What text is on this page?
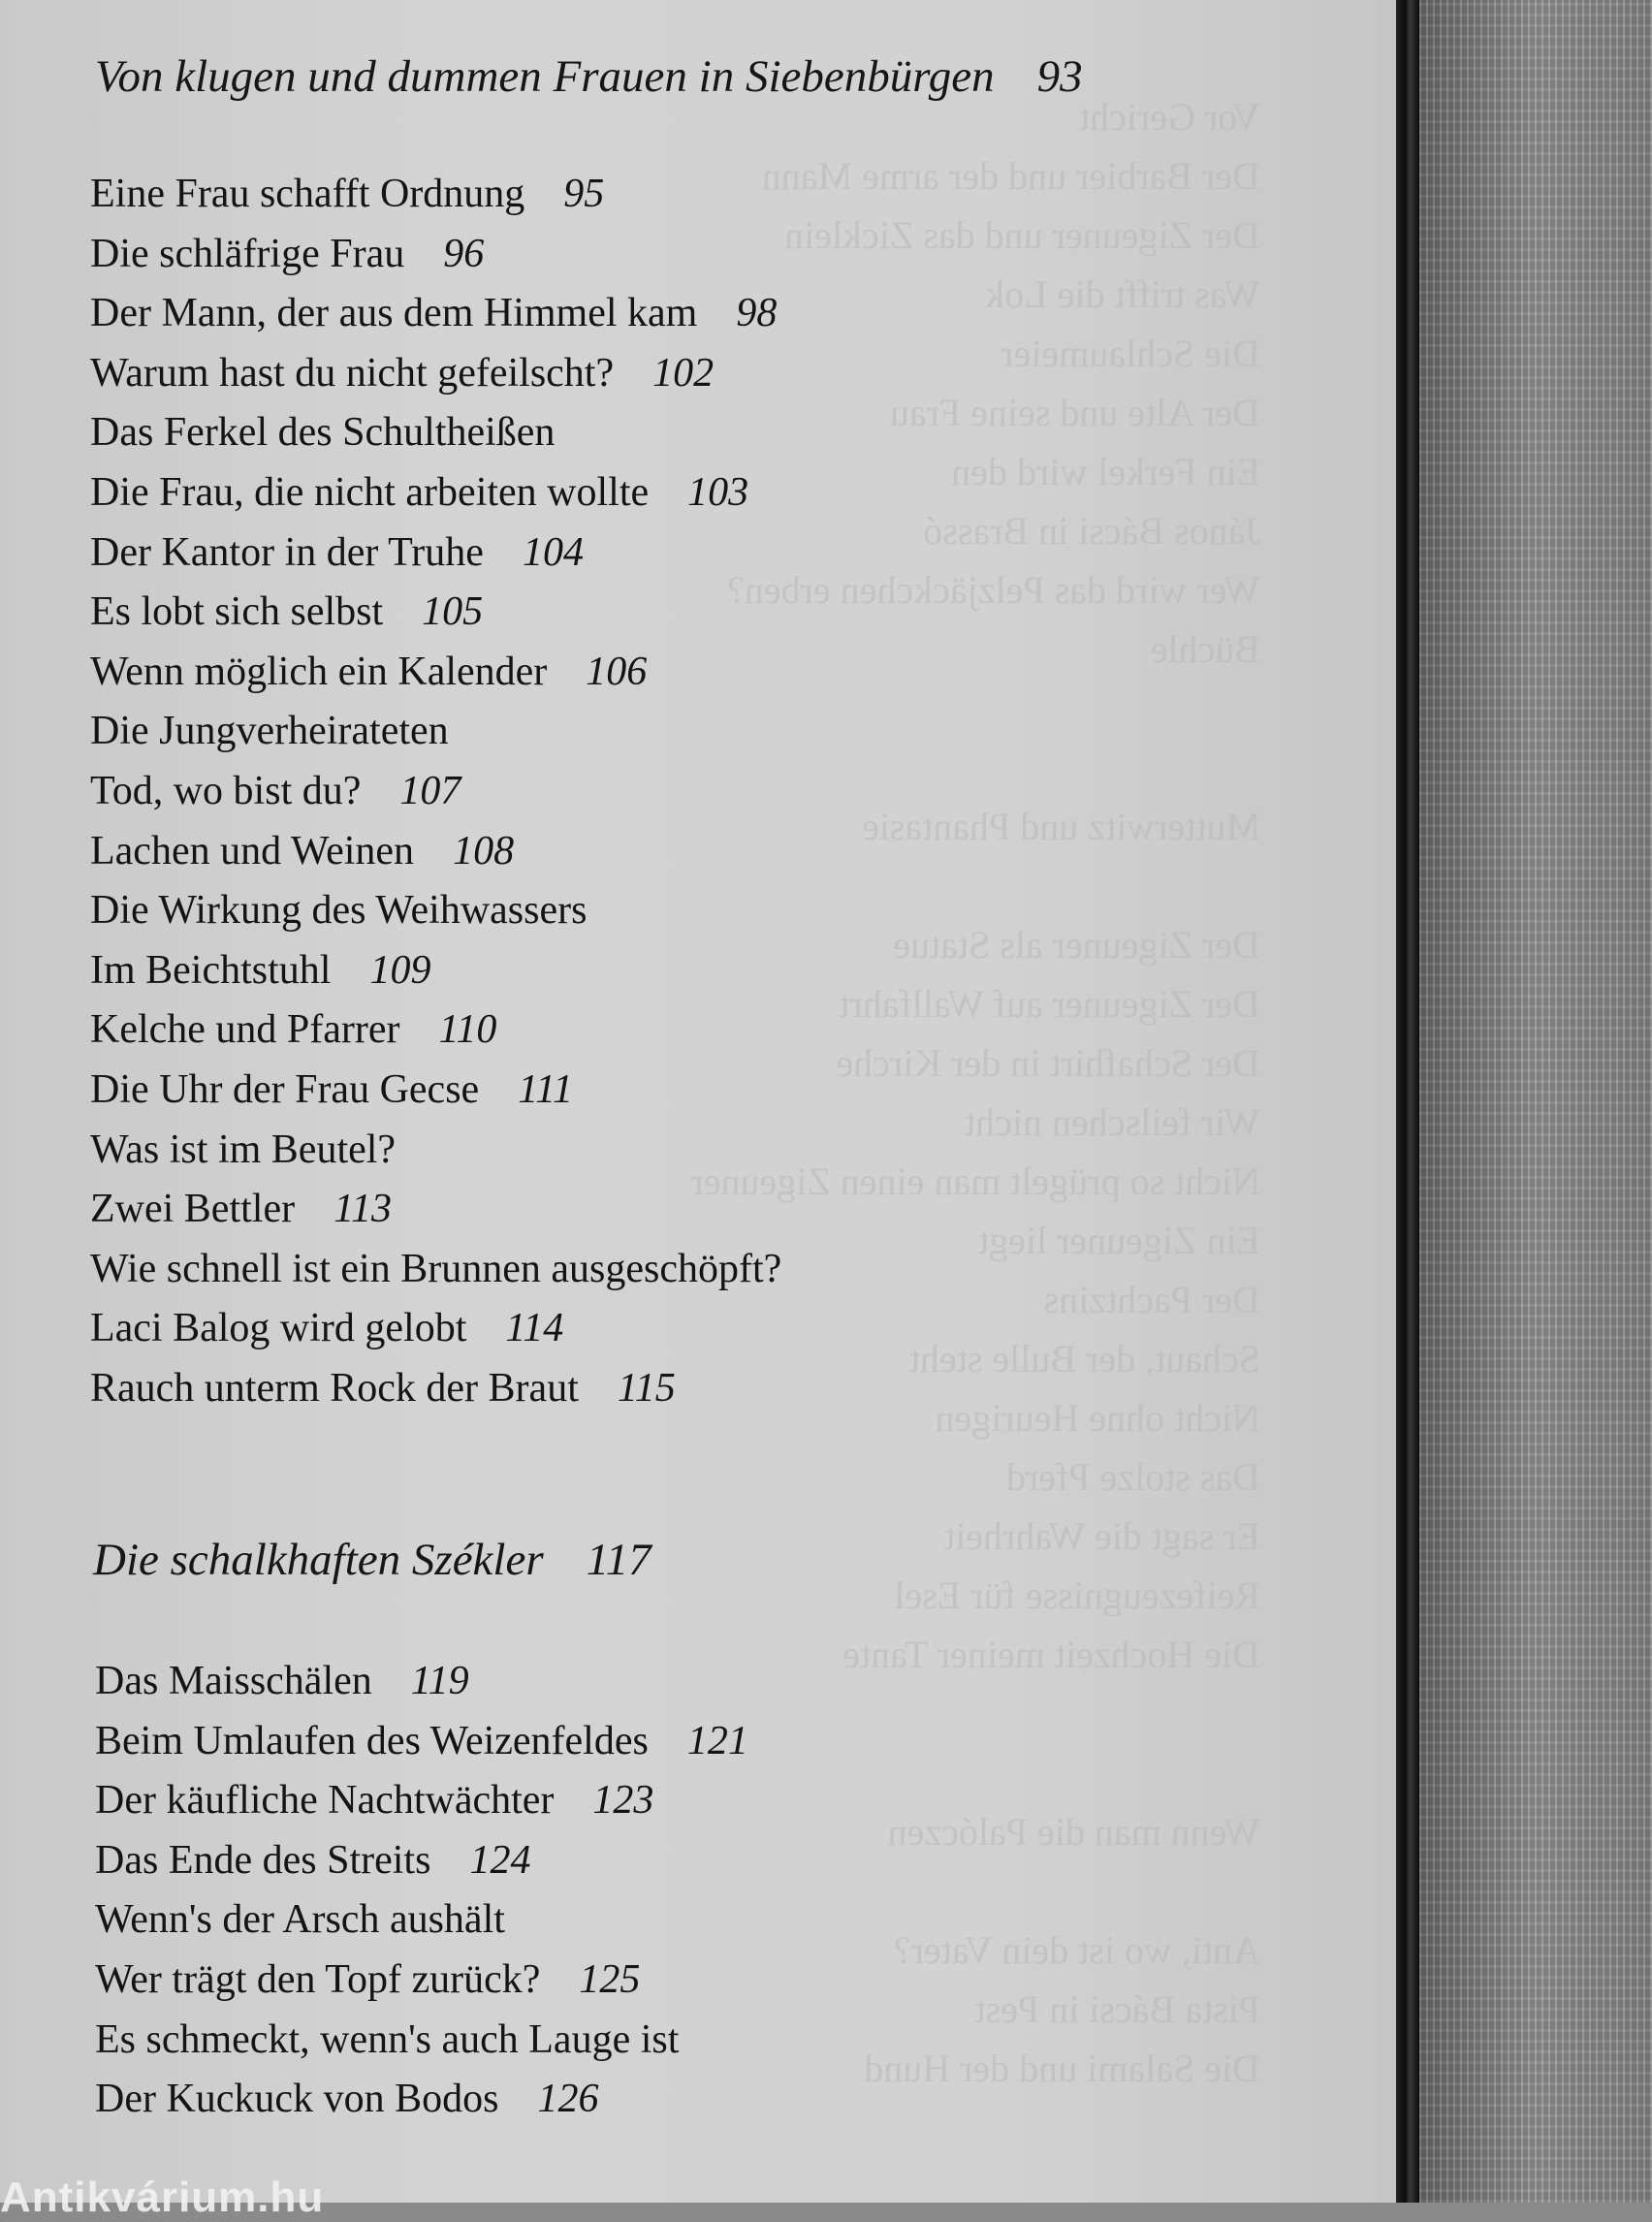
Vor Gericht
Der Barbier und der arme Mann
Der Zigeuner und das Zicklein
Was trifft die Lok
Die Schlaumeier
Der Alte und seine Frau
Ein Ferkel wird den
János Bácsi in Brassó
Wer wird das Pelzjäckchen erben?
Büchle

Mutterwitz und Phantasie

Der Zigeuner als Statue
Der Zigeuner auf Wallfahrt
Der Schafhirt in der Kirche
Wir feilschen nicht
Nicht so prügelt man einen Zigeuner
Ein Zigeuner liegt
Der Pachtzins
Schaut, der Bulle steht
Nicht ohne Heurigen
Das stolze Pferd
Er sagt die Wahrheit
Reifezeugnisse für Esel
Die Hochzeit meiner Tante

Wenn man die Palóczen

Anti, wo ist dein Vater?
Pista Bácsi in Pest
Die Salami und der Hund
Von klugen und dummen Frauen in Siebenbürgen 93
Eine Frau schafft Ordnung 95
Die schläfrige Frau 96
Der Mann, der aus dem Himmel kam 98
Warum hast du nicht gefeilscht? 102
Das Ferkel des Schultheißen
Die Frau, die nicht arbeiten wollte 103
Der Kantor in der Truhe 104
Es lobt sich selbst 105
Wenn möglich ein Kalender 106
Die Jungverheirateten
Tod, wo bist du? 107
Lachen und Weinen 108
Die Wirkung des Weihwassers
Im Beichtstuhl 109
Kelche und Pfarrer 110
Die Uhr der Frau Gecse 111
Was ist im Beutel?
Zwei Bettler 113
Wie schnell ist ein Brunnen ausgeschöpft?
Laci Balog wird gelobt 114
Rauch unterm Rock der Braut 115
Die schalkhaften Székler 117
Das Maisschälen 119
Beim Umlaufen des Weizenfeldes 121
Der käufliche Nachtwächter 123
Das Ende des Streits 124
Wenn's der Arsch aushält
Wer trägt den Topf zurück? 125
Es schmeckt, wenn's auch Lauge ist
Der Kuckuck von Bodos 126
Antikvárium.hu
